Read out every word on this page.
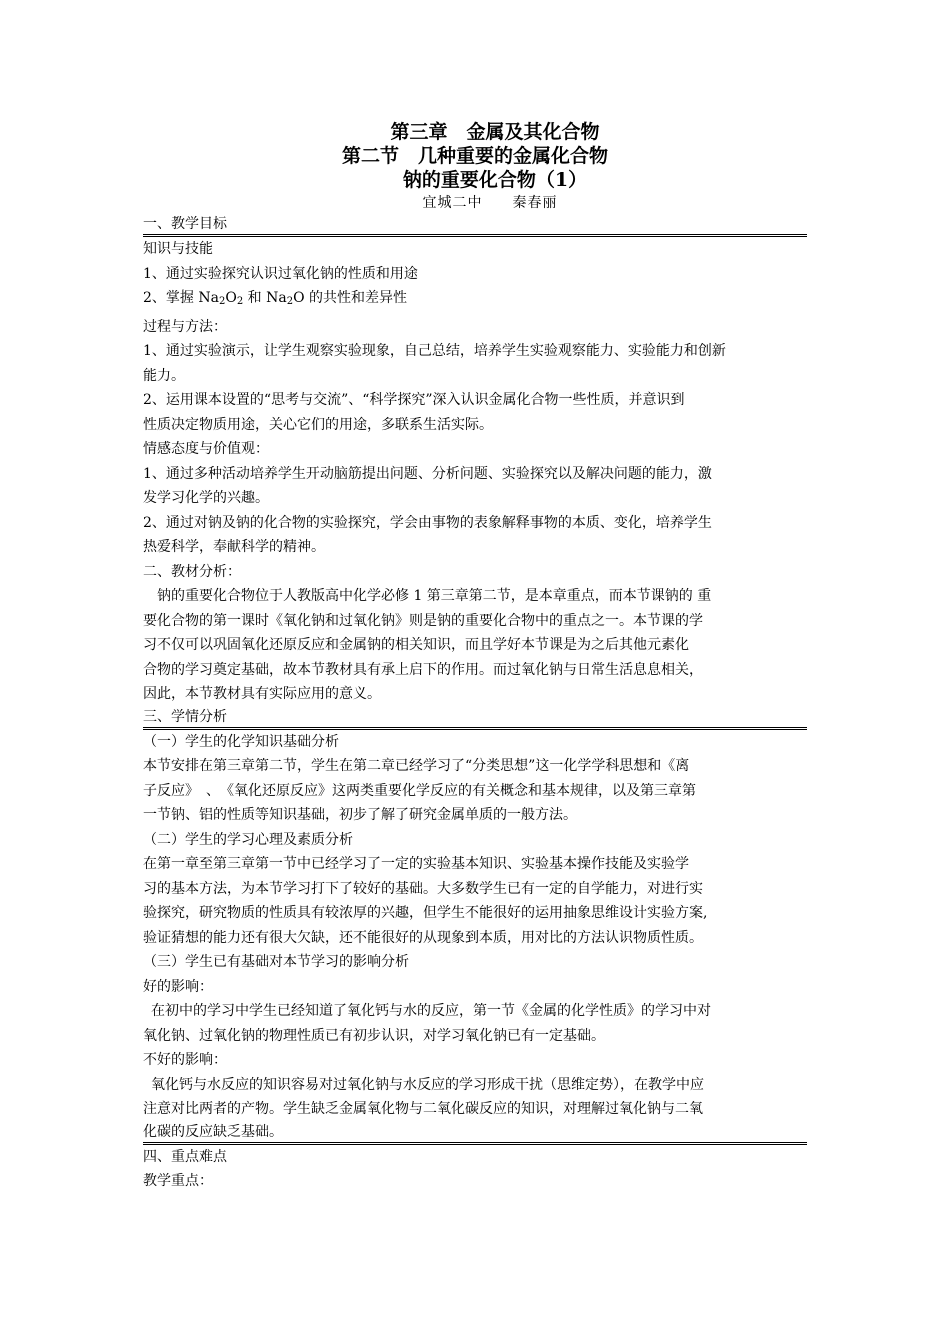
第三章　金属及其化合物
第二节　几种重要的金属化合物
钠的重要化合物（1）
宜城二中　　秦春丽
一、教学目标
知识与技能
1、通过实验探究认识过氧化钠的性质和用途
2、掌握 $Na_2O_2$ 和 $Na_2O$ 的共性和差异性
过程与方法：
1、通过实验演示，让学生观察实验现象，自己总结，培养学生实验观察能力、实验能力和创新
能力。
2、运用课本设置的“思考与交流”、“科学探究”深入认识金属化合物一些性质，并意识到
性质决定物质用途，关心它们的用途，多联系生活实际。
情感态度与价值观：
1、通过多种活动培养学生开动脑筋提出问题、分析问题、实验探究以及解决问题的能力，激
发学习化学的兴趣。
2、通过对钠及钠的化合物的实验探究，学会由事物的表象解释事物的本质、变化，培养学生
热爱科学，奉献科学的精神。
二、教材分析：
钠的重要化合物位于人教版高中化学必修 1 第三章第二节，是本章重点，而本节课钠的 重
要化合物的第一课时《氧化钠和过氧化钠》则是钠的重要化合物中的重点之一。本节课的学
习不仅可以巩固氧化还原反应和金属钠的相关知识，而且学好本节课是为之后其他元素化
合物的学习奠定基础，故本节教材具有承上启下的作用。而过氧化钠与日常生活息息相关，
因此，本节教材具有实际应用的意义。
三、学情分析
（一）学生的化学知识基础分析
本节安排在第三章第二节，学生在第二章已经学习了“分类思想”这一化学学科思想和《离
子反应》　、　《氧化还原反应》这两类重要化学反应的有关概念和基本规律，以及第三章第
一节钠、铝的性质等知识基础，初步了解了研究金属单质的一般方法。
（二）学生的学习心理及素质分析
在第一章至第三章第一节中已经学习了一定的实验基本知识、实验基本操作技能及实验学
习的基本方法，为本节学习打下了较好的基础。大多数学生已有一定的自学能力，对进行实
验探究，研究物质的性质具有较浓厚的兴趣，但学生不能很好的运用抽象思维设计实验方案,
验证猜想的能力还有很大欠缺，还不能很好的从现象到本质，用对比的方法认识物质性质。
（三）学生已有基础对本节学习的影响分析
好的影响：
在初中的学习中学生已经知道了氧化钙与水的反应，第一节《金属的化学性质》的学习中对
氧化钠、过氧化钠的物理性质已有初步认识，对学习氧化钠已有一定基础。
不好的影响：
氧化钙与水反应的知识容易对过氧化钠与水反应的学习形成干扰（思维定势），在教学中应
注意对比两者的产物。学生缺乏金属氧化物与二氧化碳反应的知识，对理解过氧化钠与二氧
化碳的反应缺乏基础。
四、重点难点
教学重点：
